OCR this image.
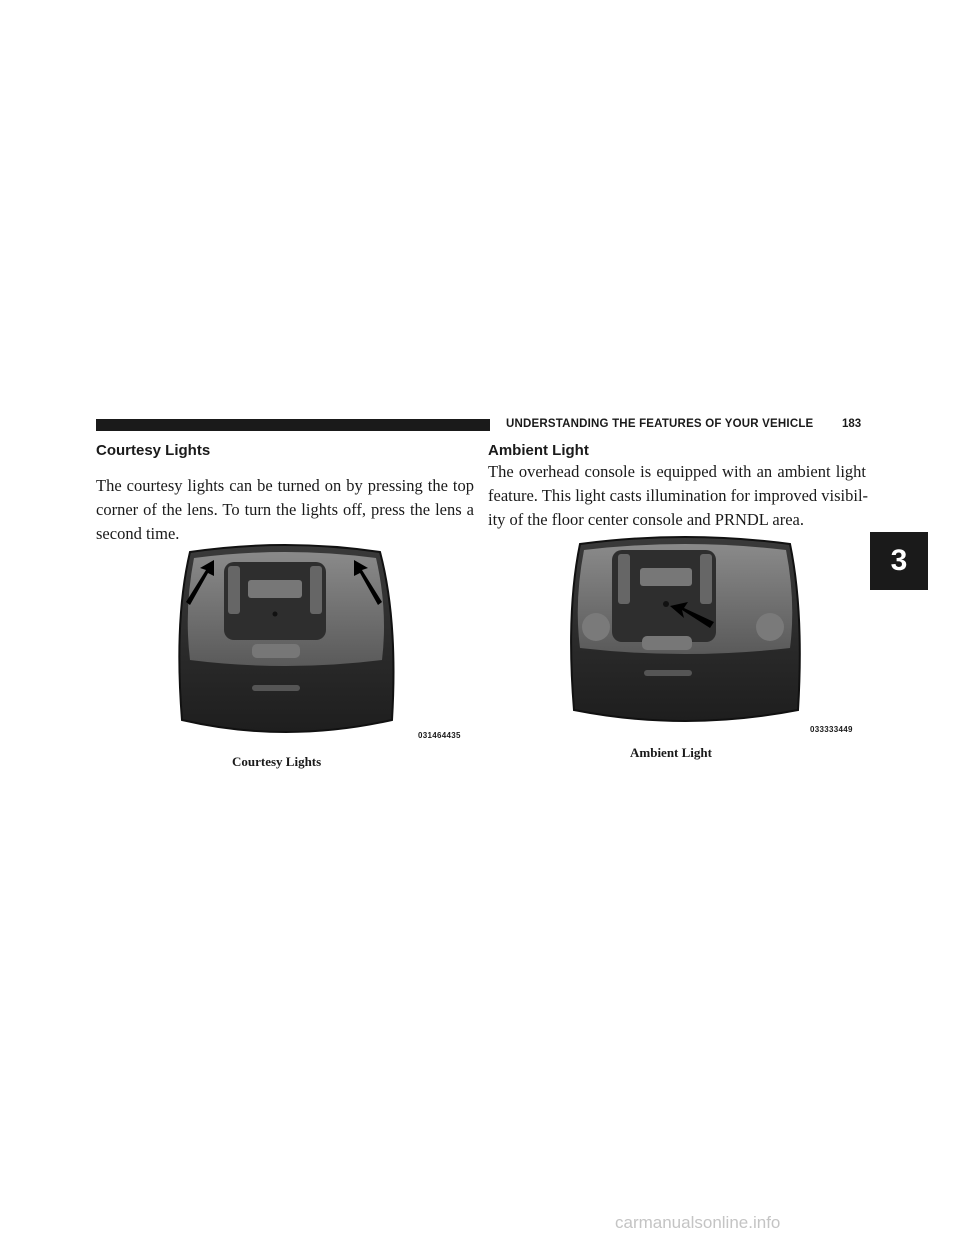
UNDERSTANDING THE FEATURES OF YOUR VEHICLE 183
Courtesy Lights

The courtesy lights can be turned on by pressing the top
corner of the lens. To turn the lights off, press the lens a
second time.

031464435
Courtesy Lights
Ambient Light

The overhead console is equipped with an ambient light
feature. This light casts illumination for improved visibil-
ity of the floor center console and PRNDL area.

033333449
Ambient Light
3
carmanualsonline.info
